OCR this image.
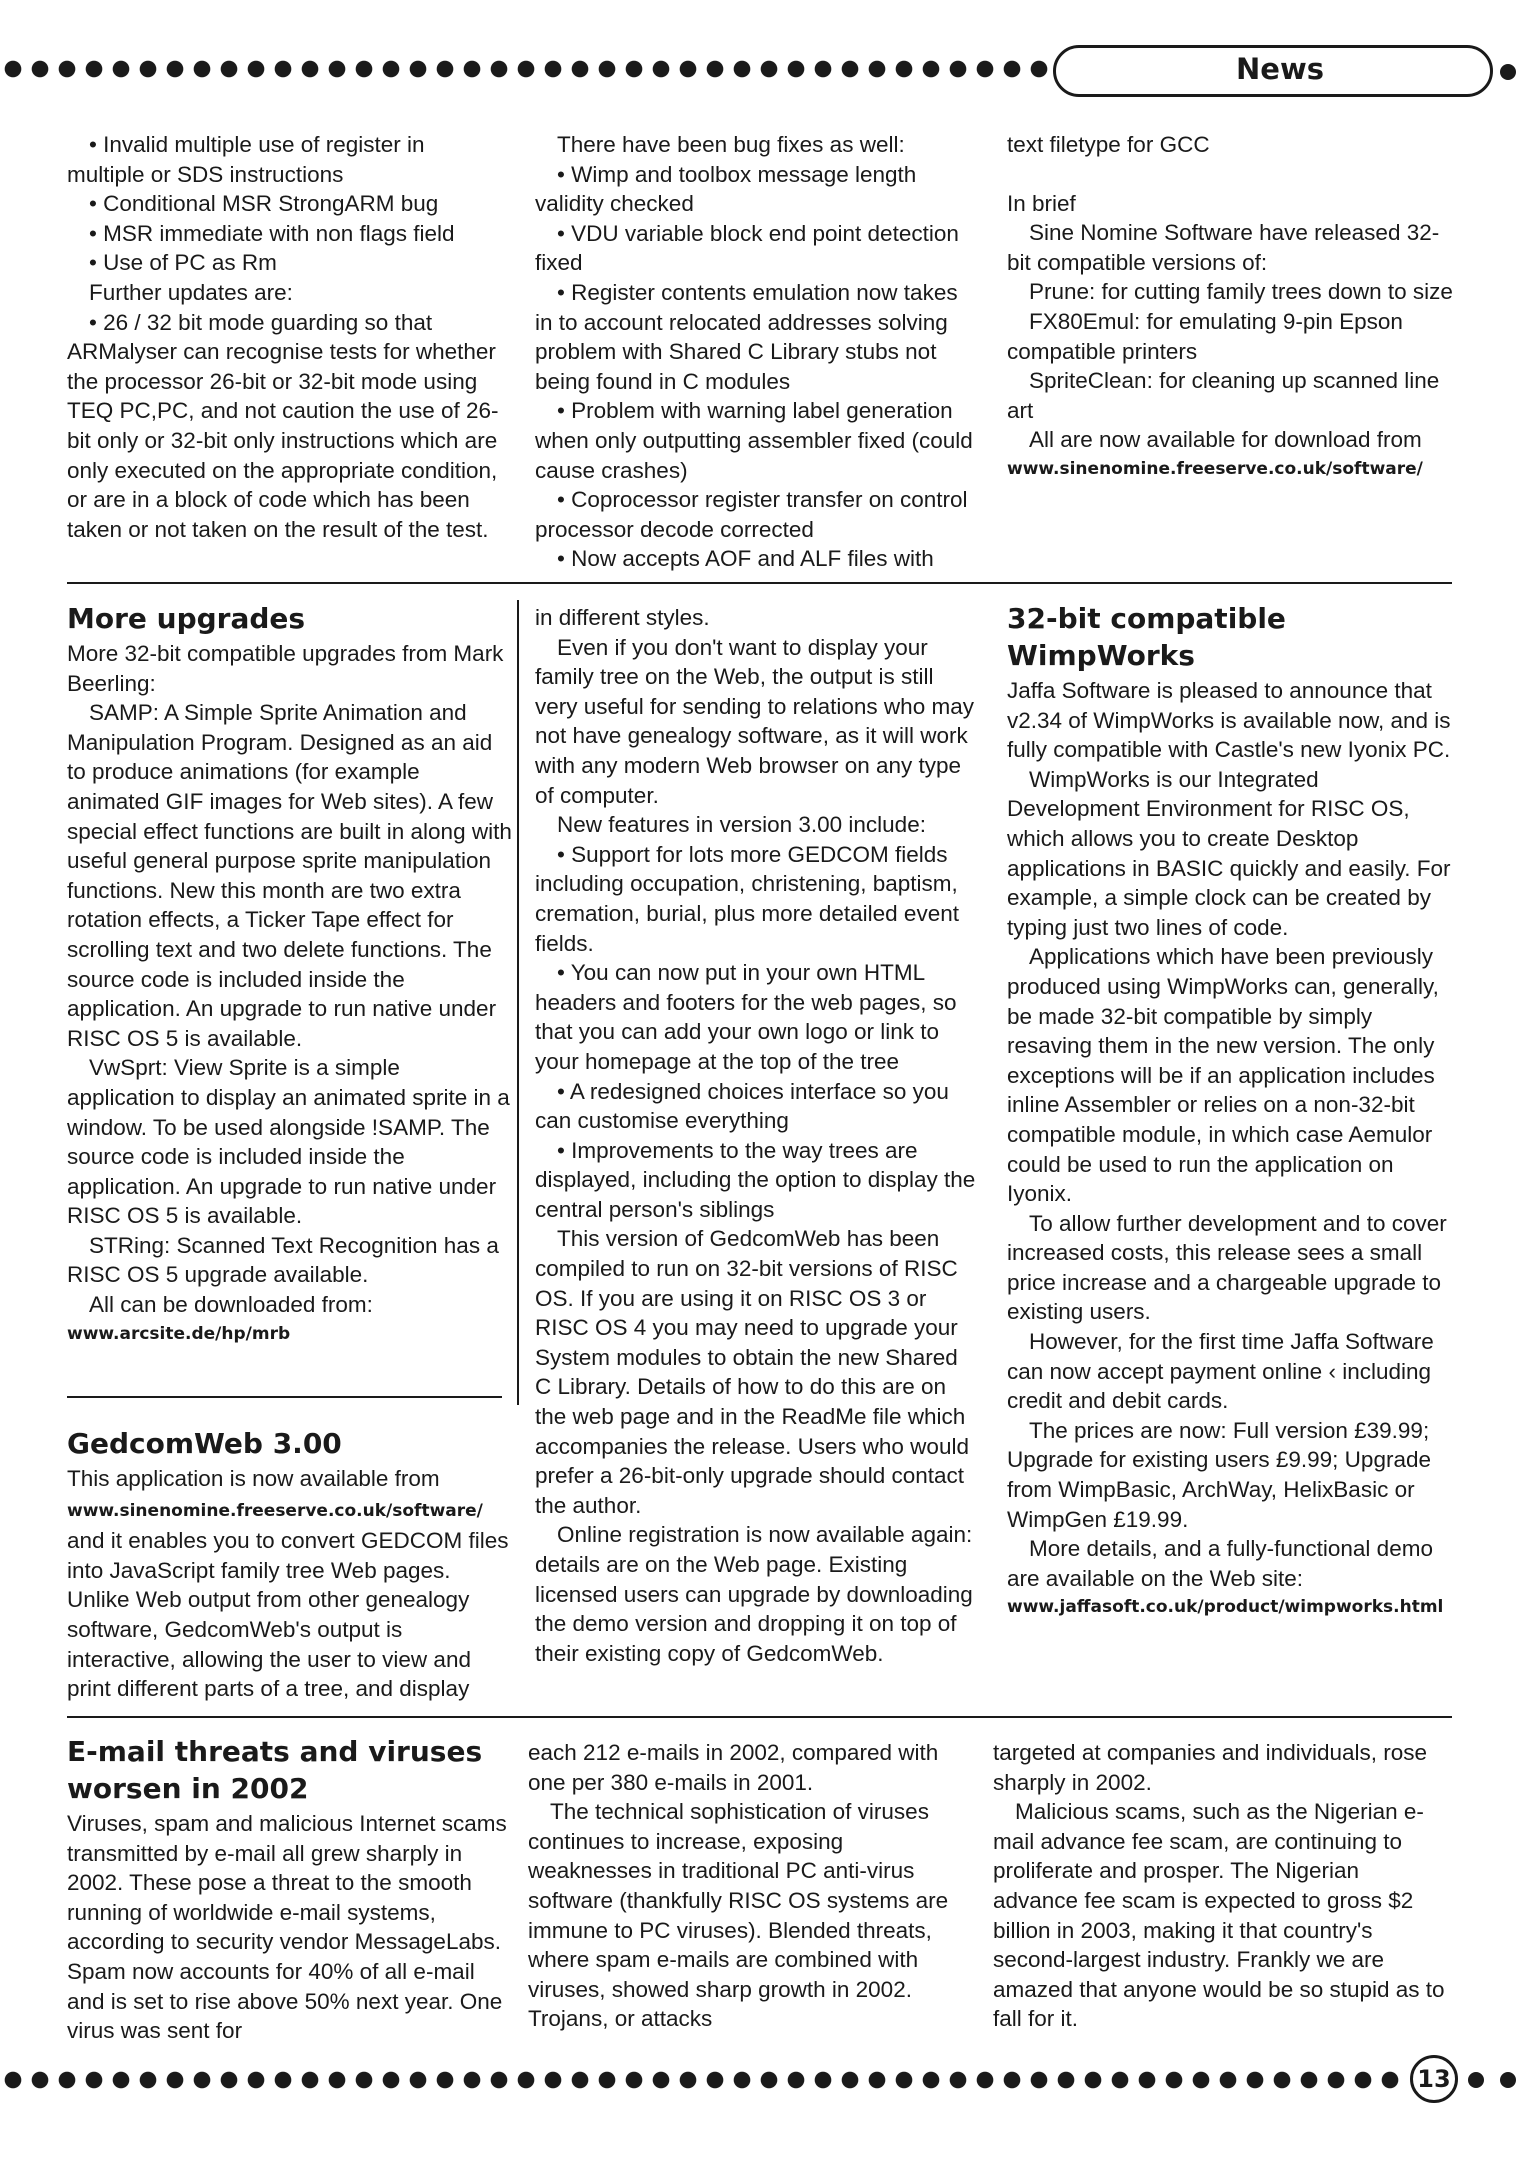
News

• Invalid multiple use of register in multiple or SDS instructions

• Conditional MSR StrongARM bug

• MSR immediate with non flags field

• Use of PC as Rm

Further updates are:

• 26 / 32 bit mode guarding so that ARMalyser can recognise tests for whether the processor 26-bit or 32-bit mode using TEQ PC,PC, and not caution the use of 26-bit only or 32-bit only instructions which are only executed on the appropriate condition, or are in a block of code which has been taken or not taken on the result of the test.

There have been bug fixes as well:

• Wimp and toolbox message length validity checked

• VDU variable block end point detection fixed

• Register contents emulation now takes in to account relocated addresses solving problem with Shared C Library stubs not being found in C modules

• Problem with warning label generation when only outputting assembler fixed (could cause crashes)

• Coprocessor register transfer on control processor decode corrected

• Now accepts AOF and ALF files with

text filetype for GCC

In brief

Sine Nomine Software have released 32-bit compatible versions of:

Prune: for cutting family trees down to size

FX80Emul: for emulating 9-pin Epson compatible printers

SpriteClean: for cleaning up scanned line art

All are now available for download from

www.sinenomine.freeserve.co.uk/software/

More upgrades

More 32-bit compatible upgrades from Mark Beerling:

SAMP: A Simple Sprite Animation and Manipulation Program. Designed as an aid to produce animations (for example animated GIF images for Web sites). A few special effect functions are built in along with useful general purpose sprite manipulation functions. New this month are two extra rotation effects, a Ticker Tape effect for scrolling text and two delete functions. The source code is included inside the application. An upgrade to run native under RISC OS 5 is available.

VwSprt: View Sprite is a simple application to display an animated sprite in a window. To be used alongside !SAMP. The source code is included inside the application. An upgrade to run native under RISC OS 5 is available.

STRing: Scanned Text Recognition has a RISC OS 5 upgrade available.

All can be downloaded from:

www.arcsite.de/hp/mrb

GedcomWeb 3.00

This application is now available from
www.sinenomine.freeserve.co.uk/software/ and it enables you to convert GEDCOM files into JavaScript family tree Web pages. Unlike Web output from other genealogy software, GedcomWeb's output is interactive, allowing the user to view and print different parts of a tree, and display

in different styles.

Even if you don't want to display your family tree on the Web, the output is still very useful for sending to relations who may not have genealogy software, as it will work with any modern Web browser on any type of computer.

New features in version 3.00 include:

• Support for lots more GEDCOM fields including occupation, christening, baptism, cremation, burial, plus more detailed event fields.

• You can now put in your own HTML headers and footers for the web pages, so that you can add your own logo or link to your homepage at the top of the tree

• A redesigned choices interface so you can customise everything

• Improvements to the way trees are displayed, including the option to display the central person's siblings

This version of GedcomWeb has been compiled to run on 32-bit versions of RISC OS. If you are using it on RISC OS 3 or RISC OS 4 you may need to upgrade your System modules to obtain the new Shared C Library. Details of how to do this are on the web page and in the ReadMe file which accompanies the release. Users who would prefer a 26-bit-only upgrade should contact the author.

Online registration is now available again: details are on the Web page. Existing licensed users can upgrade by downloading the demo version and dropping it on top of their existing copy of GedcomWeb.

32-bit compatible
WimpWorks

Jaffa Software is pleased to announce that v2.34 of WimpWorks is available now, and is fully compatible with Castle's new Iyonix PC.

WimpWorks is our Integrated Development Environment for RISC OS, which allows you to create Desktop applications in BASIC quickly and easily. For example, a simple clock can be created by typing just two lines of code.

Applications which have been previously produced using WimpWorks can, generally, be made 32-bit compatible by simply resaving them in the new version. The only exceptions will be if an application includes inline Assembler or relies on a non-32-bit compatible module, in which case Aemulor could be used to run the application on Iyonix.

To allow further development and to cover increased costs, this release sees a small price increase and a chargeable upgrade to existing users.

However, for the first time Jaffa Software can now accept payment online ‹ including credit and debit cards.

The prices are now: Full version £39.99; Upgrade for existing users £9.99; Upgrade from WimpBasic, ArchWay, HelixBasic or WimpGen £19.99.

More details, and a fully-functional demo are available on the Web site:

www.jaffasoft.co.uk/product/wimpworks.html

E-mail threats and viruses
worsen in 2002

Viruses, spam and malicious Internet scams transmitted by e-mail all grew sharply in 2002. These pose a threat to the smooth running of worldwide e-mail systems, according to security vendor MessageLabs. Spam now accounts for 40% of all e-mail and is set to rise above 50% next year. One virus was sent for

each 212 e-mails in 2002, compared with one per 380 e-mails in 2001.

The technical sophistication of viruses continues to increase, exposing weaknesses in traditional PC anti-virus software (thankfully RISC OS systems are immune to PC viruses). Blended threats, where spam e-mails are combined with viruses, showed sharp growth in 2002. Trojans, or attacks

targeted at companies and individuals, rose sharply in 2002.

Malicious scams, such as the Nigerian e-mail advance fee scam, are continuing to proliferate and prosper. The Nigerian advance fee scam is expected to gross $2 billion in 2003, making it that country's second-largest industry. Frankly we are amazed that anyone would be so stupid as to fall for it.

13
